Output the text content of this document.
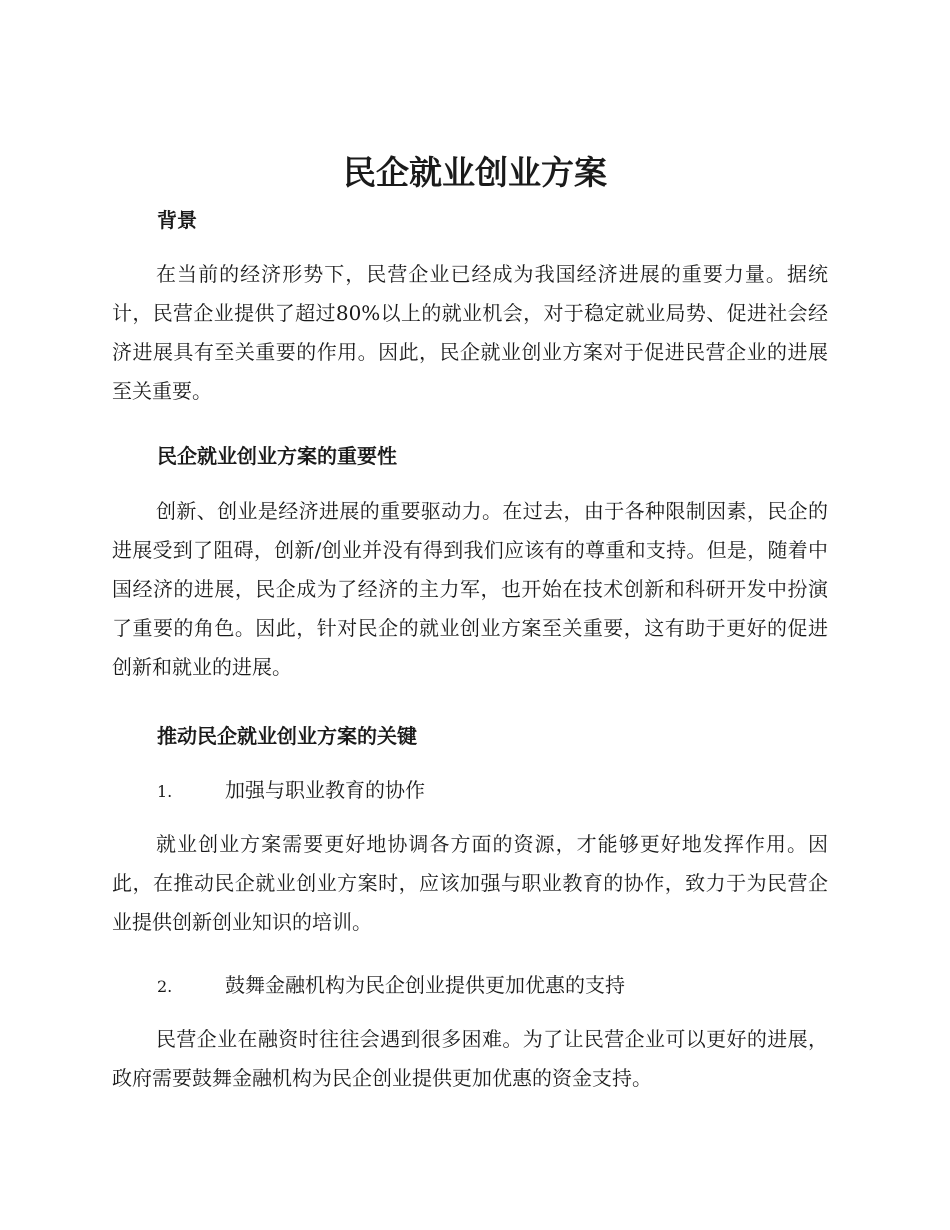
民企就业创业方案
背景

在当前的经济形势下，民营企业已经成为我国经济进展的重要力量。据统计，民营企业提供了超过80%以上的就业机会，对于稳定就业局势、促进社会经济进展具有至关重要的作用。因此，民企就业创业方案对于促进民营企业的进展至关重要。

民企就业创业方案的重要性

创新、创业是经济进展的重要驱动力。在过去，由于各种限制因素，民企的进展受到了阻碍，创新/创业并没有得到我们应该有的尊重和支持。但是，随着中国经济的进展，民企成为了经济的主力军，也开始在技术创新和科研开发中扮演了重要的角色。因此，针对民企的就业创业方案至关重要，这有助于更好的促进创新和就业的进展。

推动民企就业创业方案的关键
1.	加强与职业教育的协作

就业创业方案需要更好地协调各方面的资源，才能够更好地发挥作用。因此，在推动民企就业创业方案时，应该加强与职业教育的协作，致力于为民营企业提供创新创业知识的培训。

2.	鼓舞金融机构为民企创业提供更加优惠的支持

民营企业在融资时往往会遇到很多困难。为了让民营企业可以更好的进展，政府需要鼓舞金融机构为民企创业提供更加优惠的资金支持。
